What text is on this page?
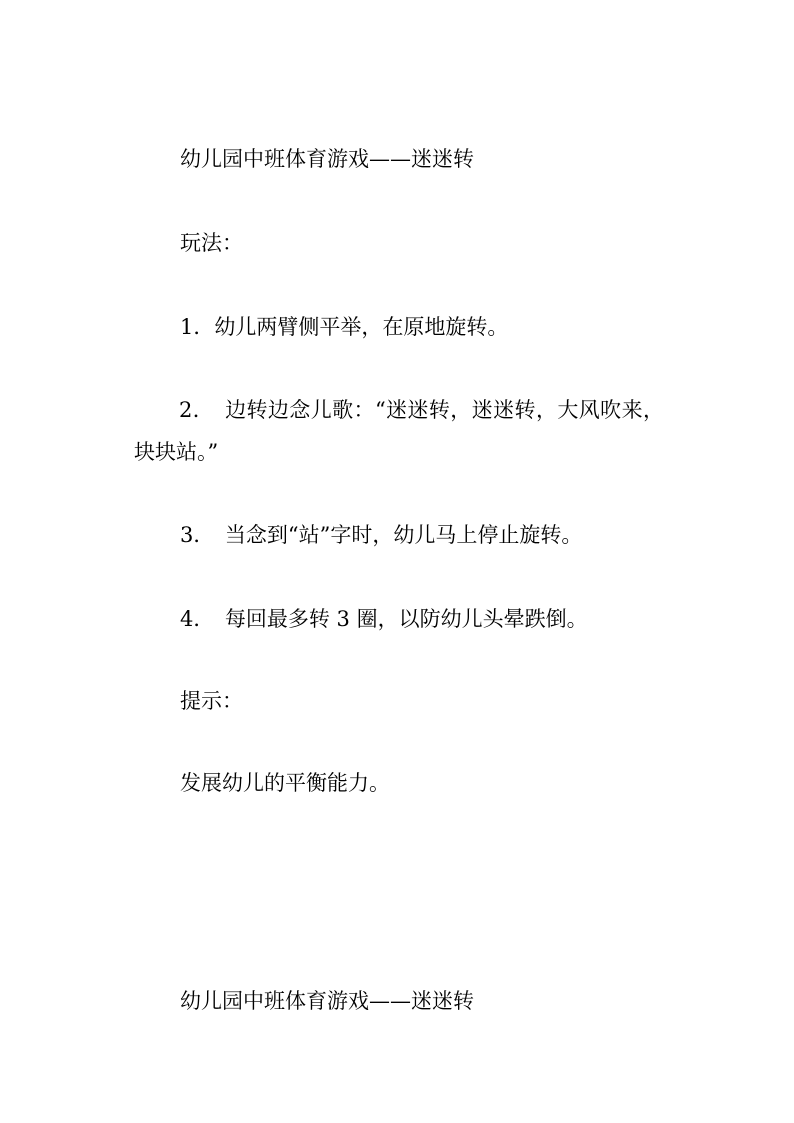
幼儿园中班体育游戏——迷迷转

玩法：

1．幼儿两臂侧平举，在原地旋转。

2．　边转边念儿歌：“迷迷转，迷迷转，大风吹来，块块站。”

3．　当念到“站”字时，幼儿马上停止旋转。

4．　每回最多转 3 圈，以防幼儿头晕跌倒。

提示：

发展幼儿的平衡能力。

幼儿园中班体育游戏——迷迷转
